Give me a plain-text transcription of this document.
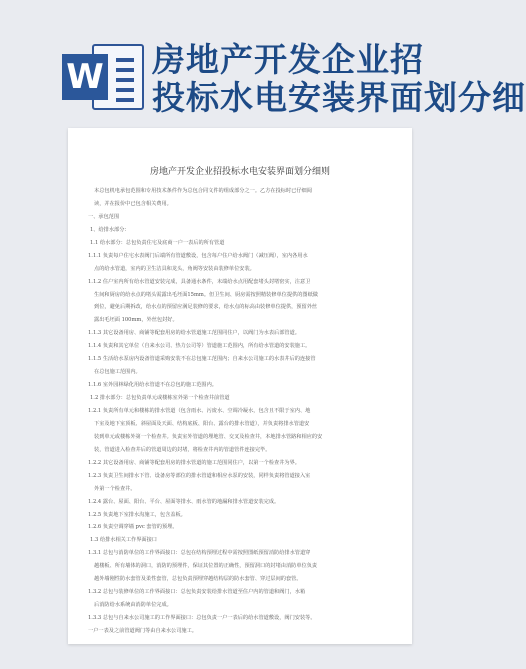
W 房地产开发企业招
投标水电安装界面划分细
房地产开发企业招投标水电安装界面划分细则
本总包机电承包范围和专用技术条件作为总包合同文件的组成部分之一。乙方在投标时已仔细阅
读，并在报价中已包含相关费用。
一、承包范围
1、给排水部分：
1.1 给水部分：总包负责住宅及底商一户一表后的所有管道
1.1.1 负责每户住宅水表阀门后端所有管道敷设，包含每户住户给水阀门（减压阀），室内各用水
点的给水管道，室内的卫生洁具和龙头，角阀等安装由装修单位安装。
1.1.2 住户室内所有给水管道安装完成，具备通水条件，末端给水点用配套堵头封堵密实，注意卫
生间和厨房的给水点的堵头需露出毛坯面15mm。但卫生间、厨房需按照精装修单位提供的图纸做
到位，避免后期拆改，给水点的预留应满足装修的要求，给水点的标高由装修单位提供，预留外丝
露出毛坯面 100mm，外丝包封好。
1.1.3 其它设备用房、商铺等配套用房的给水管道施工范围同住户，以阀门为水表后部管道。
1.1.4 负责和其它单位（自来水公司、热力公司等）管道施工范围内，所有给水管道的安装施工。
1.1.5 生活给水泵房内设备管道采购安装不在总包施工范围内；自来水公司施工的水表井后的连接管
在总包施工范围内。
1.1.6 室外园林绿化用给水管道不在总包的施工范围内。
1.2 排水部分：总包负责单元或楼栋室外第一个检查井前管道
1.2.1 负责所有单元和楼栋的排水管道（包含雨水、污废水、空调冷凝水，包含且不限于室内、地
下室及地下室顶板、斜屋面及天面、结构底板、阳台、露台的排水管道），并负责将排水管道安
装到单元或楼栋外第一个检查井。负责室外管道的埋地管、交叉及检查井，本地排水管路和相应的安
装，管道进入检查井后的管道周边的封堵，将检查井内的管道管件连接完毕。
1.2.2 其它设备用房、商铺等配套用房的排水管道的施工范围同住户，以第一个检查井为界。
1.2.3 负责卫生间排水下管、设备房等部位的排水管道和相应水泵的安装，同样负责将管道接入室
外第一个检查井。
1.2.4 露台、屋面、阳台、平台、屋面等排水、雨水管的地漏和排水管道安装完成。
1.2.5 负责地下室排水沟施工，包含盖板。
1.2.6 负责空调穿墙 pvc 套管的预埋。
1.3 给排水相关工作界面接口
1.3.1 总包与消防单位的工作界面接口：总包在结构预埋过程中需按照图纸预留消防给排水管道穿
越楼板、所有墙体的洞口，消防的预埋件，保证其位置的正确性，预留洞口的封堵由消防单位负责
越外墙刚性防水套管及柔性套管，总包负责预埋穿越结构层的防水套管、穿过层间的套管。
1.3.2 总包与装修单位的工作界面接口：总包负责安装给排水管道至住户内的管道和阀门，水箱
后消防给水系统由消防单位完成。
1.3.3 总包与自来水公司施工的工作界面接口：总包负责一户一表后的给水管道敷设，阀门安装等。
一户一表及之前管道阀门等由自来水公司施工。
